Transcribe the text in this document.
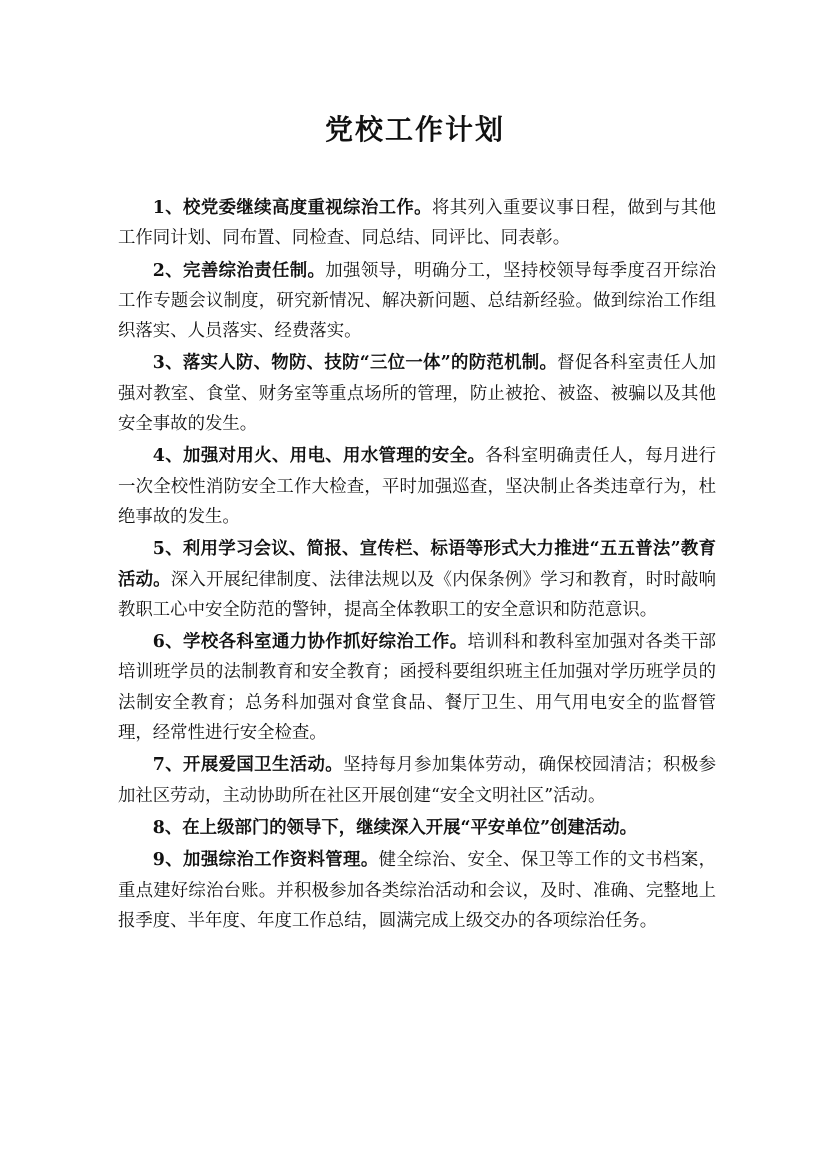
党校工作计划

1、校党委继续高度重视综治工作。将其列入重要议事日程，做到与其他工作同计划、同布置、同检查、同总结、同评比、同表彰。

2、完善综治责任制。加强领导，明确分工，坚持校领导每季度召开综治工作专题会议制度，研究新情况、解决新问题、总结新经验。做到综治工作组织落实、人员落实、经费落实。

3、落实人防、物防、技防“三位一体”的防范机制。督促各科室责任人加强对教室、食堂、财务室等重点场所的管理，防止被抢、被盗、被骗以及其他安全事故的发生。

4、加强对用火、用电、用水管理的安全。各科室明确责任人，每月进行一次全校性消防安全工作大检查，平时加强巡查，坚决制止各类违章行为，杜绝事故的发生。

5、利用学习会议、简报、宣传栏、标语等形式大力推进“五五普法”教育活动。深入开展纪律制度、法律法规以及《内保条例》学习和教育，时时敲响教职工心中安全防范的警钟，提高全体教职工的安全意识和防范意识。

6、学校各科室通力协作抓好综治工作。培训科和教科室加强对各类干部培训班学员的法制教育和安全教育；函授科要组织班主任加强对学历班学员的法制安全教育；总务科加强对食堂食品、餐厅卫生、用气用电安全的监督管理，经常性进行安全检查。

7、开展爱国卫生活动。坚持每月参加集体劳动，确保校园清洁；积极参加社区劳动，主动协助所在社区开展创建“安全文明社区”活动。

8、在上级部门的领导下，继续深入开展“平安单位”创建活动。

9、加强综治工作资料管理。健全综治、安全、保卫等工作的文书档案，重点建好综治台账。并积极参加各类综治活动和会议，及时、准确、完整地上报季度、半年度、年度工作总结，圆满完成上级交办的各项综治任务。
